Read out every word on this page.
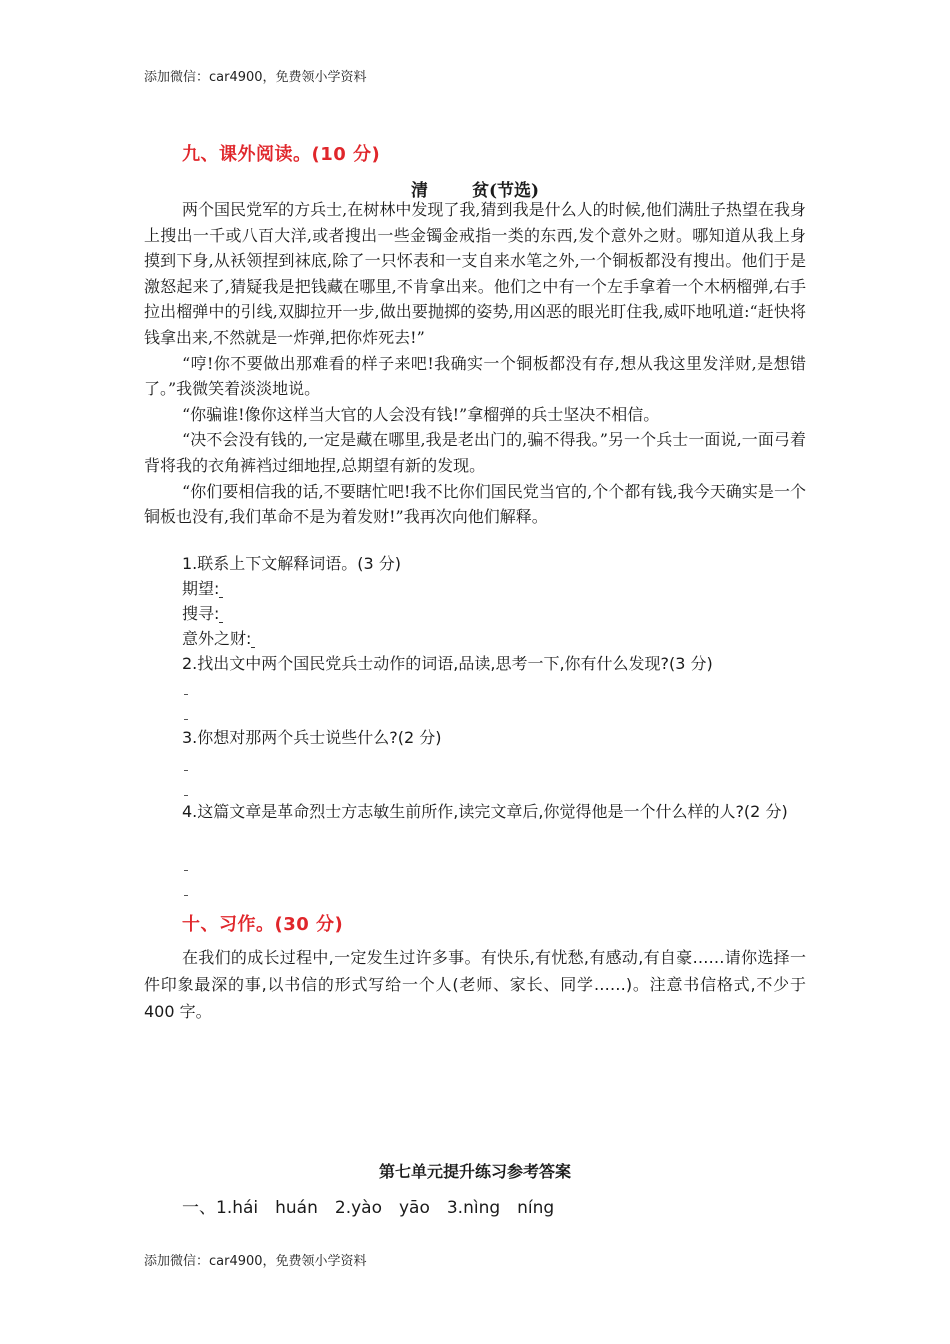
添加微信：car4900，免费领小学资料
九、课外阅读。(10 分)
清	贫(节选)

两个国民党军的方兵士,在树林中发现了我,猜到我是什么人的时候,他们满肚子热望在我身上搜出一千或八百大洋,或者搜出一些金镯金戒指一类的东西,发个意外之财。哪知道从我上身摸到下身,从袄领捏到袜底,除了一只怀表和一支自来水笔之外,一个铜板都没有搜出。他们于是激怒起来了,猜疑我是把钱藏在哪里,不肯拿出来。他们之中有一个左手拿着一个木柄榴弹,右手拉出榴弹中的引线,双脚拉开一步,做出要抛掷的姿势,用凶恶的眼光盯住我,威吓地吼道:“赶快将钱拿出来,不然就是一炸弹,把你炸死去!”

“哼!你不要做出那难看的样子来吧!我确实一个铜板都没有存,想从我这里发洋财,是想错了。”我微笑着淡淡地说。

“你骗谁!像你这样当大官的人会没有钱!”拿榴弹的兵士坚决不相信。

“决不会没有钱的,一定是藏在哪里,我是老出门的,骗不得我。”另一个兵士一面说,一面弓着背将我的衣角裤裆过细地捏,总期望有新的发现。

“你们要相信我的话,不要瞎忙吧!我不比你们国民党当官的,个个都有钱,我今天确实是一个铜板也没有,我们革命不是为着发财!”我再次向他们解释。

1.联系上下文解释词语。(3 分)
期望:
搜寻:
意外之财:
2.找出文中两个国民党兵士动作的词语,品读,思考一下,你有什么发现?(3 分)
3.你想对那两个兵士说些什么?(2 分)
4.这篇文章是革命烈士方志敏生前所作,读完文章后,你觉得他是一个什么样的人?(2 分)
十、习作。(30 分)
在我们的成长过程中,一定发生过许多事。有快乐,有忧愁,有感动,有自豪……请你选择一件印象最深的事,以书信的形式写给一个人(老师、家长、同学……)。注意书信格式,不少于 400 字。
第七单元提升练习参考答案
一、1.hái　huán　2.yào　yāo　3.nìng　níng
添加微信：car4900，免费领小学资料
